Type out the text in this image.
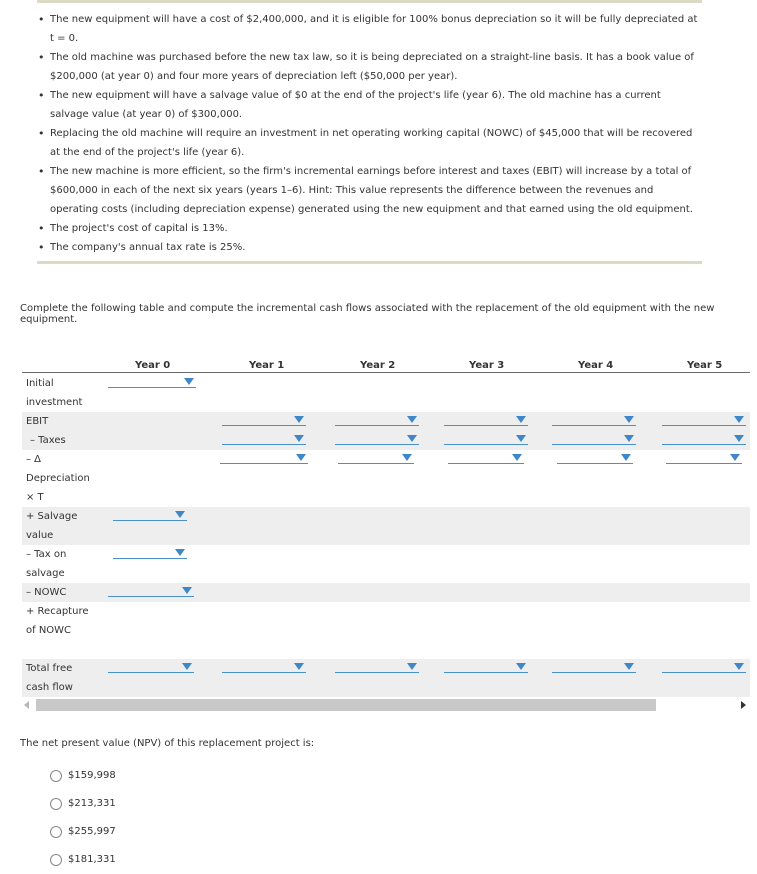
• The new equipment will have a cost of $2,400,000, and it is eligible for 100% bonus depreciation so it will be fully depreciated at t = 0.

• The old machine was purchased before the new tax law, so it is being depreciated on a straight-line basis. It has a book value of $200,000 (at year 0) and four more years of depreciation left ($50,000 per year).

• The new equipment will have a salvage value of $0 at the end of the project's life (year 6). The old machine has a current salvage value (at year 0) of $300,000.

• Replacing the old machine will require an investment in net operating working capital (NOWC) of $45,000 that will be recovered at the end of the project's life (year 6).

• The new machine is more efficient, so the firm's incremental earnings before interest and taxes (EBIT) will increase by a total of $600,000 in each of the next six years (years 1–6). Hint: This value represents the difference between the revenues and operating costs (including depreciation expense) generated using the new equipment and that earned using the old equipment.

• The project's cost of capital is 13%.

• The company's annual tax rate is 25%.

Complete the following table and compute the incremental cash flows associated with the replacement of the old equipment with the new equipment.

Year 0	Year 1	Year 2	Year 3	Year 4	Year 5
Initial investment
EBIT
– Taxes
– Δ Depreciation × T
+ Salvage value
– Tax on salvage
– NOWC
+ Recapture of NOWC
Total free cash flow

The net present value (NPV) of this replacement project is:

$159,998
$213,331
$255,997
$181,331
